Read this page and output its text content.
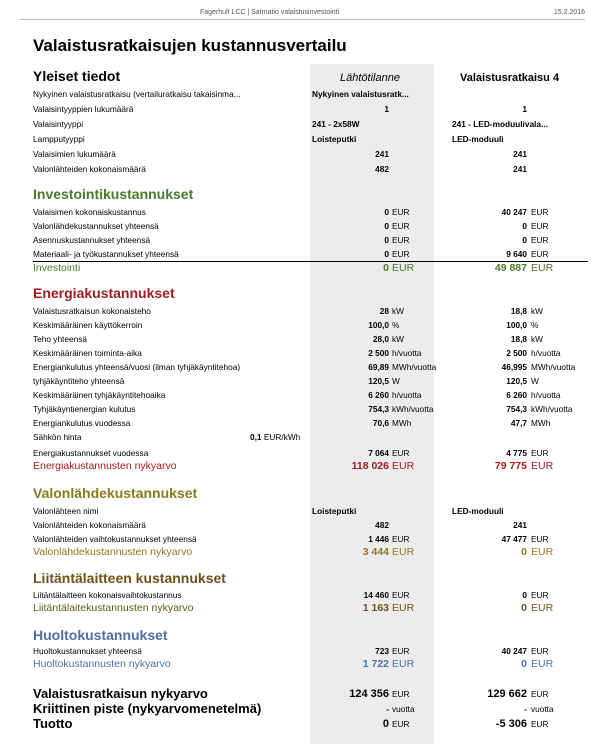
Fagerhult LCC | Satmatio valaistusinvestointi	15.2.2016
Valaistusratkaisujen kustannusvertailu
Yleiset tiedot	Lähtötilanne	Valaistusratkaisu 4
Nykyinen valaistusratkaisu (vertailuratkaisu takaisinma...	Nykyinen valaistusratk...
Valaisintyyppien lukumäärä	1	1
Valaisintyyppi	241 - 2x58W	241 - LED-moduulivala...
Lampputyyppi	Loisteputki	LED-moduuli
Valaisimien lukumäärä	241	241
Valonlähteiden kokonaismäärä	482	241
Investointikustannukset
Valaisimen kokonaiskustannus	0 EUR	40 247 EUR
Valonlähdekustannukset yhteensä	0 EUR	0 EUR
Asennuskustannukset yhteensä	0 EUR	0 EUR
Materiaali- ja työkustannukset yhteensä	0 EUR	9 640 EUR
Investointi	0 EUR	49 887 EUR
Energiakustannukset
Valaistusratkaisun kokonaisteho	28 kW	18,8 kW
Keskimääräinen käyttökerroin	100,0 %	100,0 %
Teho yhteensä	28,0 kW	18,8 kW
Keskimääräinen toiminta-aika	2 500 h/vuotta	2 500 h/vuotta
Energiankulutus yhteensä/vuosi (ilman tyhjäkäyntitehoa)	69,89 MWh/vuotta	46,995 MWh/vuotta
tyhjäkäyntiteho yhteensä	120,5 W	120,5 W
Keskimääräinen tyhjäkäyntitehoaika	6 260 h/vuotta	6 260 h/vuotta
Tyhjäkäyntienergian kulutus	754,3 kWh/vuotta	754,3 kWh/vuotta
Energiankulutus vuodessa	70,6 MWh	47,7 MWh
Sähkön hinta	0,1 EUR/kWh
Energiakustannukset vuodessa	7 064 EUR	4 775 EUR
Energiakustannusten nykyarvo	118 026 EUR	79 775 EUR
Valonlähdekustannukset
Valonlähteen nimi	Loisteputki	LED-moduuli
Valonlähteiden kokonaismäärä	482	241
Valonlähteiden vaihtokustannukset yhteensä	1 446 EUR	47 477 EUR
Valonlähdekustannusten nykyarvo	3 444 EUR	0 EUR
Liitäntälaitteen kustannukset
Liitäntälaitteen kokonaisvaihtokustannus	14 460 EUR	0 EUR
Liitäntälaitekustannusten nykyarvo	1 163 EUR	0 EUR
Huoltokustannukset
Huoltokustannukset yhteensä	723 EUR	40 247 EUR
Huoltokustannusten nykyarvo	1 722 EUR	0 EUR
Valaistusratkaisun nykyarvo	124 356 EUR	129 662 EUR
Kriittinen piste (nykyarvomenetelmä)	- vuotta	- vuotta
Tuotto	0 EUR	-5 306 EUR
